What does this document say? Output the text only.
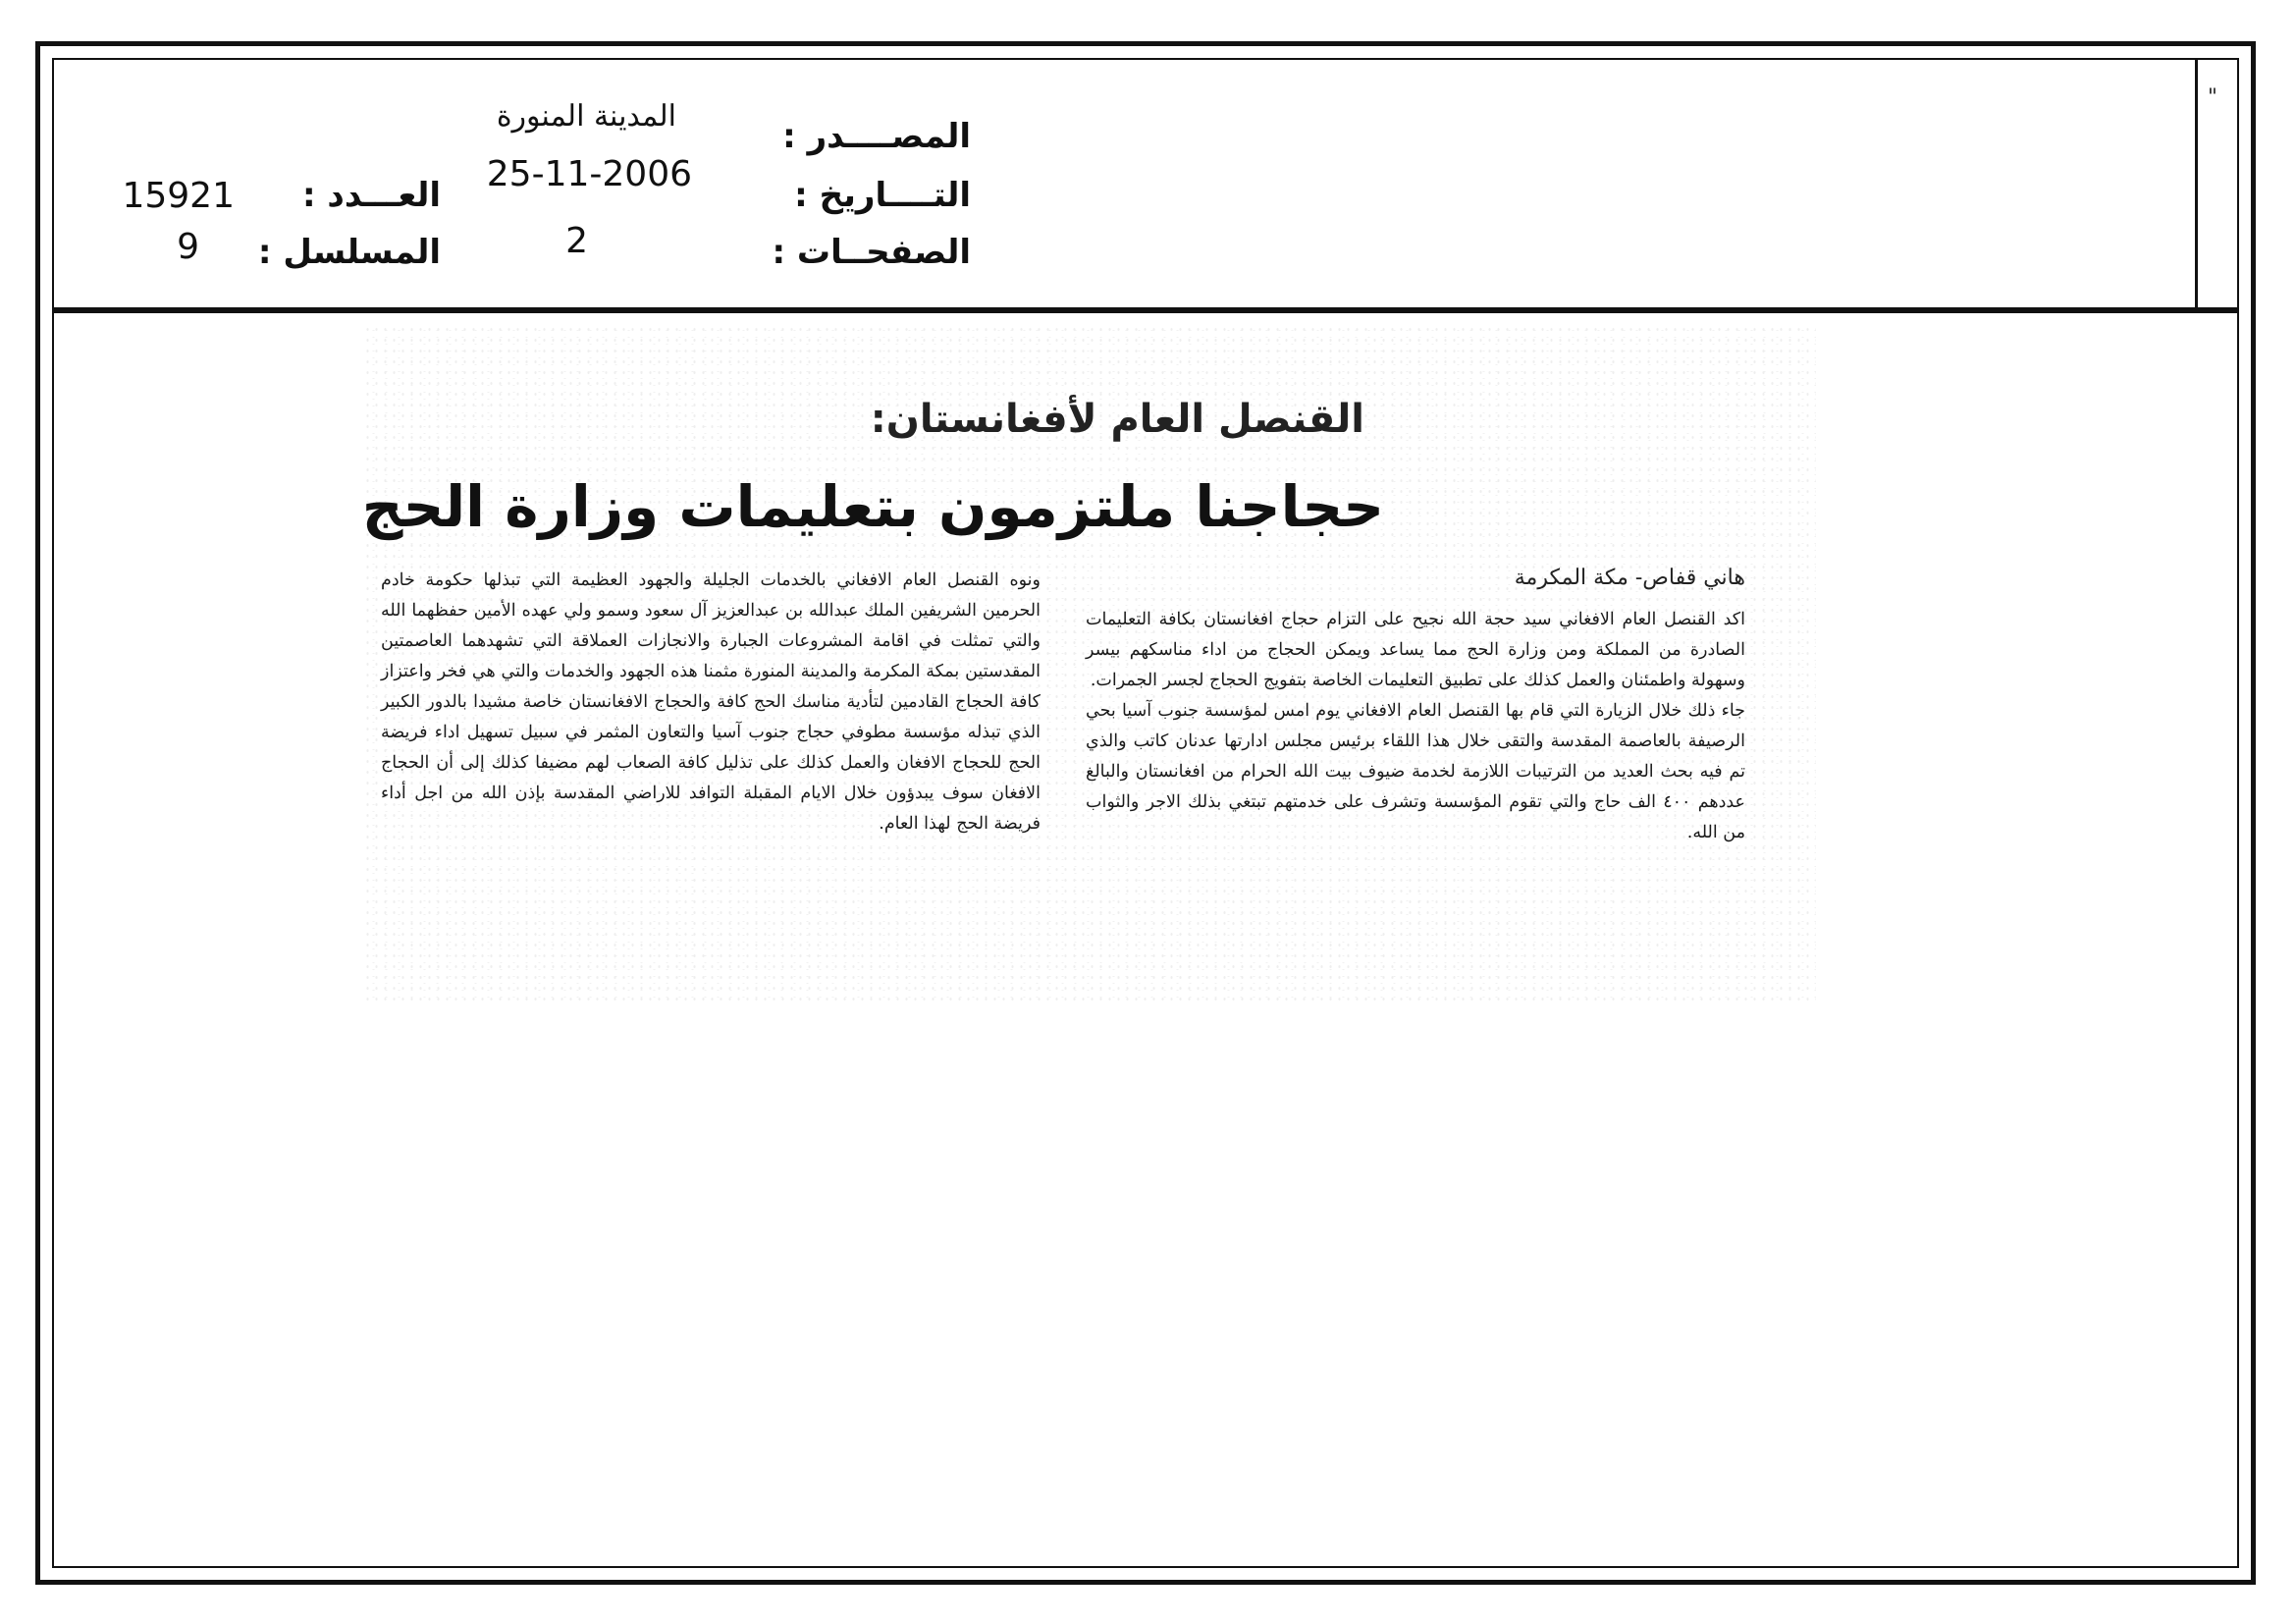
"
المصــــدر :
المدينة المنورة
التــــاريخ :
25-11-2006
الصفحــات :
2
العـــدد :
15921
المسلسل :
9
القنصل العام لأفغانستان:
حجاجنا ملتزمون بتعليمات وزارة الحج
هاني قفاص- مكة المكرمة

اكد القنصل العام الافغاني سيد حجة الله نجيح على التزام حجاج افغانستان بكافة التعليمات الصادرة من المملكة ومن وزارة الحج مما يساعد ويمكن الحجاج من اداء مناسكهم بيسر وسهولة واطمئنان والعمل كذلك على تطبيق التعليمات الخاصة بتفويج الحجاج لجسر الجمرات.

جاء ذلك خلال الزيارة التي قام بها القنصل العام الافغاني يوم امس لمؤسسة جنوب آسيا بحي الرصيفة بالعاصمة المقدسة والتقى خلال هذا اللقاء برئيس مجلس ادارتها عدنان كاتب والذي تم فيه بحث العديد من الترتيبات اللازمة لخدمة ضيوف بيت الله الحرام من افغانستان والبالغ عددهم ٤٠٠ الف حاج والتي تقوم المؤسسة وتشرف على خدمتهم تبتغي بذلك الاجر والثواب من الله.

ونوه القنصل العام الافغاني بالخدمات الجليلة والجهود العظيمة التي تبذلها حكومة خادم الحرمين الشريفين الملك عبدالله بن عبدالعزيز آل سعود وسمو ولي عهده الأمين حفظهما الله والتي تمثلت في اقامة المشروعات الجبارة والانجازات العملاقة التي تشهدهما العاصمتين المقدستين بمكة المكرمة والمدينة المنورة مثمنا هذه الجهود والخدمات والتي هي فخر واعتزاز كافة الحجاج القادمين لتأدية مناسك الحج كافة والحجاج الافغانستان خاصة مشيدا بالدور الكبير الذي تبذله مؤسسة مطوفي حجاج جنوب آسيا والتعاون المثمر في سبيل تسهيل اداء فريضة الحج للحجاج الافغان والعمل كذلك على تذليل كافة الصعاب لهم مضيفا كذلك إلى أن الحجاج الافغان سوف يبدؤون خلال الايام المقبلة التوافد للاراضي المقدسة بإذن الله من اجل أداء فريضة الحج لهذا العام.
